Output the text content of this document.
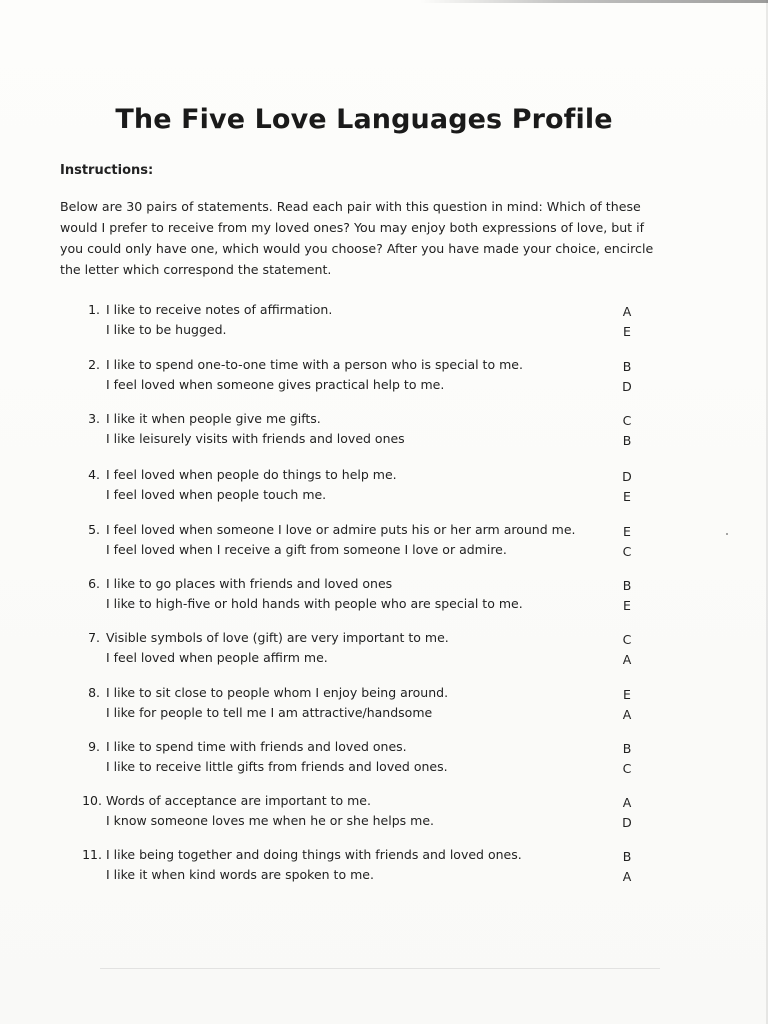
The Five Love Languages Profile
Instructions:
Below are 30 pairs of statements. Read each pair with this question in mind: Which of these would I prefer to receive from my loved ones? You may enjoy both expressions of love, but if you could only have one, which would you choose? After you have made your choice, encircle the letter which correspond the statement.
1. I like to receive notes of affirmation.	A
I like to be hugged.	E
2. I like to spend one-to-one time with a person who is special to me.	B
I feel loved when someone gives practical help to me.	D
3. I like it when people give me gifts.	C
I like leisurely visits with friends and loved ones	B
4. I feel loved when people do things to help me.	D
I feel loved when people touch me.	E
5. I feel loved when someone I love or admire puts his or her arm around me.	E
I feel loved when I receive a gift from someone I love or admire.	C
6. I like to go places with friends and loved ones	B
I like to high-five or hold hands with people who are special to me.	E
7. Visible symbols of love (gift) are very important to me.	C
I feel loved when people affirm me.	A
8. I like to sit close to people whom I enjoy being around.	E
I like for people to tell me I am attractive/handsome	A
9. I like to spend time with friends and loved ones.	B
I like to receive little gifts from friends and loved ones.	C
10. Words of acceptance are important to me.	A
I know someone loves me when he or she helps me.	D
11. I like being together and doing things with friends and loved ones.	B
I like it when kind words are spoken to me.	A
